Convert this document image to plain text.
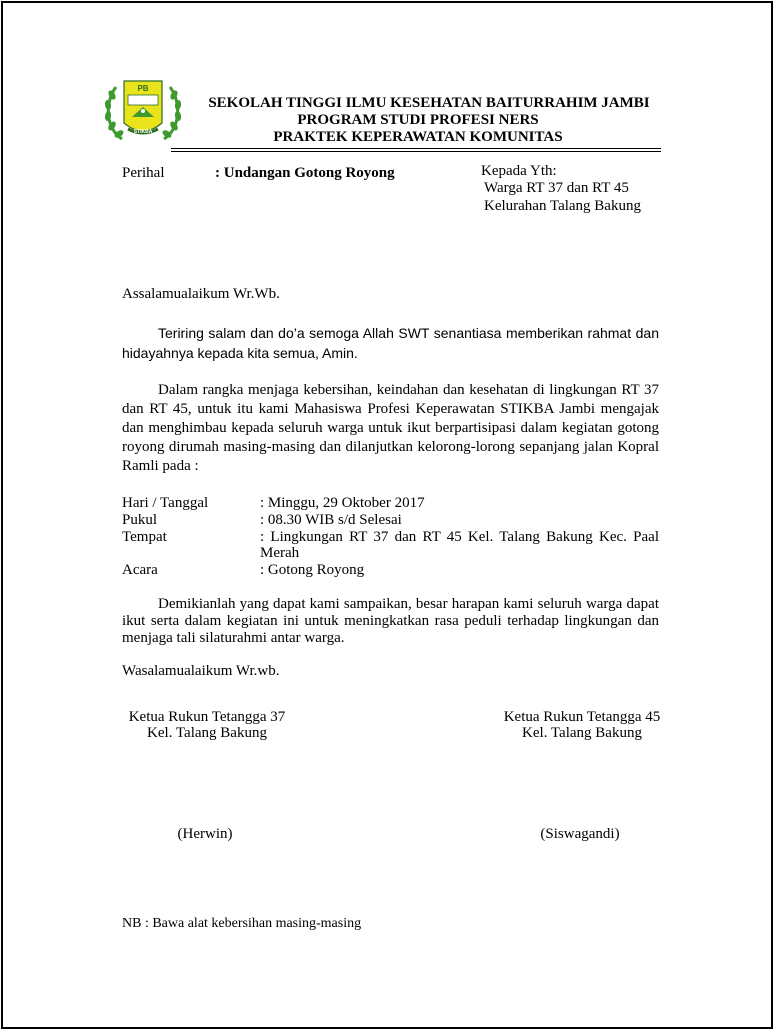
PB
STIKBA
SEKOLAH TINGGI ILMU KESEHATAN BAITURRAHIM JAMBI
PROGRAM STUDI PROFESI NERS
PRAKTEK KEPERAWATAN KOMUNITAS
Perihal	: Undangan Gotong Royong	Kepada Yth:
Warga RT 37 dan RT 45
Kelurahan Talang Bakung
Assalamualaikum Wr.Wb.
Teriring salam dan do’a semoga Allah SWT senantiasa memberikan rahmat dan hidayahnya kepada kita semua, Amin.
Dalam rangka menjaga kebersihan, keindahan dan kesehatan di lingkungan RT 37 dan RT 45, untuk itu kami Mahasiswa Profesi Keperawatan STIKBA Jambi mengajak dan menghimbau kepada seluruh warga untuk ikut berpartisipasi dalam kegiatan gotong royong dirumah masing-masing dan dilanjutkan kelorong-lorong sepanjang jalan Kopral Ramli pada :
Hari / Tanggal	: Minggu, 29 Oktober 2017
Pukul	: 08.30 WIB s/d Selesai
Tempat	: Lingkungan RT 37 dan RT 45 Kel. Talang Bakung Kec. Paal
Merah
Acara	: Gotong Royong
Demikianlah yang dapat kami sampaikan, besar harapan kami seluruh warga dapat ikut serta dalam kegiatan ini untuk meningkatkan rasa peduli terhadap lingkungan dan menjaga tali silaturahmi antar warga.
Wasalamualaikum Wr.wb.
Ketua Rukun Tetangga 37
Kel. Talang Bakung
Ketua Rukun Tetangga 45
Kel. Talang Bakung
(Herwin)	(Siswagandi)
NB : Bawa alat kebersihan masing-masing
